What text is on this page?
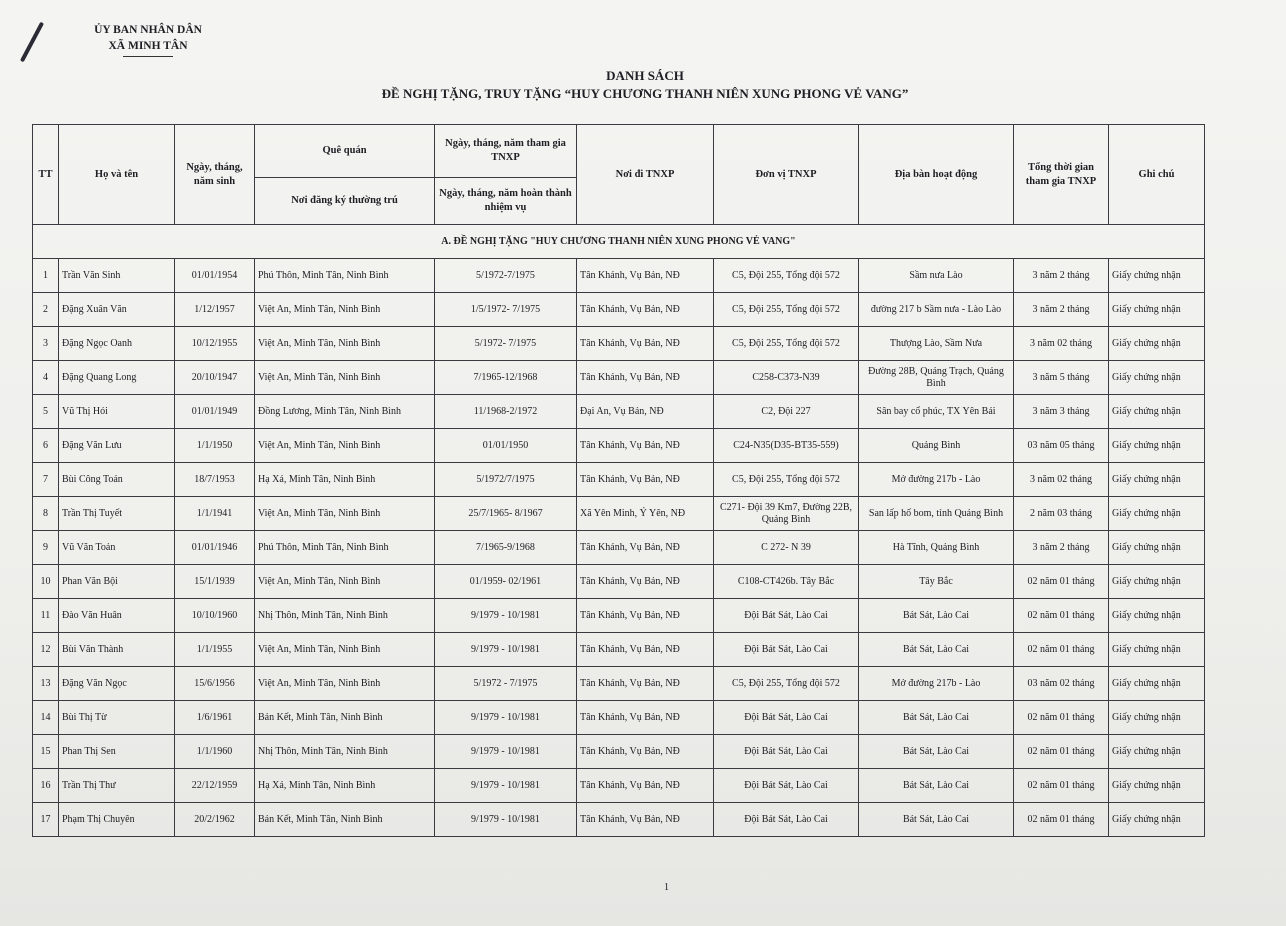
ỦY BAN NHÂN DÂN
XÃ MINH TÂN
DANH SÁCH
ĐỀ NGHỊ TẶNG, TRUY TẶNG “HUY CHƯƠNG THANH NIÊN XUNG PHONG VẺ VANG”
TT	Họ và tên	Ngày, tháng, năm sinh	Quê quán	Ngày, tháng, năm tham gia TNXP	Nơi đi TNXP	Đơn vị TNXP	Địa bàn hoạt động	Tổng thời gian tham gia TNXP	Ghi chú
			Nơi đăng ký thường trú	Ngày, tháng, năm hoàn thành nhiệm vụ					
A. ĐỀ NGHỊ TẶNG "HUY CHƯƠNG THANH NIÊN XUNG PHONG VẺ VANG"									
1	Trần Văn Sinh	01/01/1954	Phú Thôn, Minh Tân, Ninh Bình	5/1972-7/1975	Tân Khánh, Vụ Bản, NĐ	C5, Đội 255, Tổng đội 572	Sầm nưa Lào	3 năm 2 tháng	Giấy chứng nhận
2	Đặng Xuân Văn	1/12/1957	Việt An, Minh Tân, Ninh Bình	1/5/1972- 7/1975	Tân Khánh, Vụ Bản, NĐ	C5, Đội 255, Tổng đội 572	đường 217 b Sầm nưa - Lào Lào	3 năm 2 tháng	Giấy chứng nhận
3	Đặng Ngọc Oanh	10/12/1955	Việt An, Minh Tân, Ninh Bình	5/1972- 7/1975	Tân Khánh, Vụ Bản, NĐ	C5, Đội 255, Tổng đội 572	Thượng Lào, Sầm Nưa	3 năm 02 tháng	Giấy chứng nhận
4	Đặng Quang Long	20/10/1947	Việt An, Minh Tân, Ninh Bình	7/1965-12/1968	Tân Khánh, Vụ Bản, NĐ	C258-C373-N39	Đường 28B, Quảng Trạch, Quảng Bình	3 năm 5 tháng	Giấy chứng nhận
5	Vũ Thị Hói	01/01/1949	Đồng Lương, Minh Tân, Ninh Bình	11/1968-2/1972	Đại An, Vụ Bản, NĐ	C2, Đội 227	Sân bay cổ phúc, TX Yên Bái	3 năm 3 tháng	Giấy chứng nhận
6	Đặng Văn Lưu	1/1/1950	Việt An, Minh Tân, Ninh Bình	01/01/1950	Tân Khánh, Vụ Bản, NĐ	C24-N35(D35-BT35-559)	Quảng Bình	03 năm 05 tháng	Giấy chứng nhận
7	Bùi Công Toản	18/7/1953	Hạ Xá, Minh Tân, Ninh Bình	5/1972/7/1975	Tân Khánh, Vụ Bản, NĐ	C5, Đội 255, Tổng đội 572	Mở đường 217b - Lào	3 năm 02 tháng	Giấy chứng nhận
8	Trần Thị Tuyết	1/1/1941	Việt An, Minh Tân, Ninh Bình	25/7/1965- 8/1967	Xã Yên Minh, Ý Yên, NĐ	C271- Đội 39 Km7, Đường 22B, Quảng Bình	San lấp hố bom, tỉnh Quảng Bình	2 năm 03 tháng	Giấy chứng nhận
9	Vũ Văn Toản	01/01/1946	Phú Thôn, Minh Tân, Ninh Bình	7/1965-9/1968	Tân Khánh, Vụ Bản, NĐ	C 272- N 39	Hà Tĩnh, Quảng Bình	3 năm 2 tháng	Giấy chứng nhận
10	Phan Văn Bội	15/1/1939	Việt An, Minh Tân, Ninh Bình	01/1959- 02/1961	Tân Khánh, Vụ Bản, NĐ	C108-CT426b. Tây Bắc	Tây Bắc	02 năm 01 tháng	Giấy chứng nhận
11	Đào Văn Huân	10/10/1960	Nhị Thôn, Minh Tân, Ninh Bình	9/1979 - 10/1981	Tân Khánh, Vụ Bản, NĐ	Đội Bát Sát, Lào Cai	Bát Sát, Lào Cai	02 năm 01 tháng	Giấy chứng nhận
12	Bùi Văn Thành	1/1/1955	Việt An, Minh Tân, Ninh Bình	9/1979 - 10/1981	Tân Khánh, Vụ Bản, NĐ	Đội Bát Sát, Lào Cai	Bát Sát, Lào Cai	02 năm 01 tháng	Giấy chứng nhận
13	Đặng Văn Ngọc	15/6/1956	Việt An, Minh Tân, Ninh Bình	5/1972 - 7/1975	Tân Khánh, Vụ Bản, NĐ	C5, Đội 255, Tổng đội 572	Mở đường 217b - Lào	03 năm 02 tháng	Giấy chứng nhận
14	Bùi Thị Từ	1/6/1961	Bản Kết, Minh Tân, Ninh Bình	9/1979 - 10/1981	Tân Khánh, Vụ Bản, NĐ	Đội Bát Sát, Lào Cai	Bát Sát, Lào Cai	02 năm 01 tháng	Giấy chứng nhận
15	Phan Thị Sen	1/1/1960	Nhị Thôn, Minh Tân, Ninh Bình	9/1979 - 10/1981	Tân Khánh, Vụ Bản, NĐ	Đội Bát Sát, Lào Cai	Bát Sát, Lào Cai	02 năm 01 tháng	Giấy chứng nhận
16	Trần Thị Thư	22/12/1959	Hạ Xá, Minh Tân, Ninh Bình	9/1979 - 10/1981	Tân Khánh, Vụ Bản, NĐ	Đội Bát Sát, Lào Cai	Bát Sát, Lào Cai	02 năm 01 tháng	Giấy chứng nhận
17	Phạm Thị Chuyên	20/2/1962	Bản Kết, Minh Tân, Ninh Bình	9/1979 - 10/1981	Tân Khánh, Vụ Bản, NĐ	Đội Bát Sát, Lào Cai	Bát Sát, Lào Cai	02 năm 01 tháng	Giấy chứng nhận
1
